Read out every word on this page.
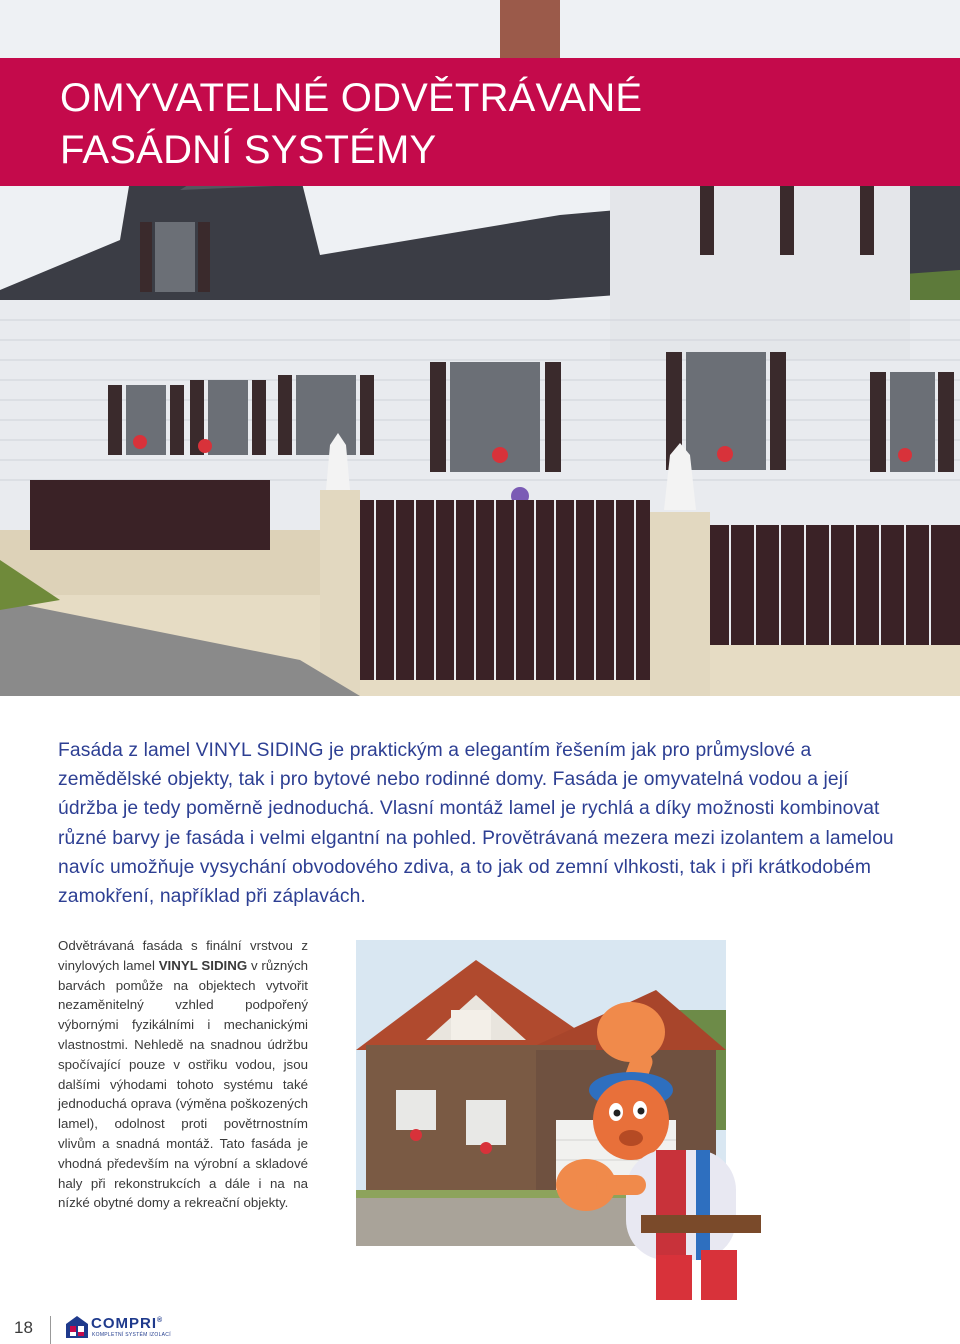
OMYVATELNÉ ODVĚTRÁVANÉ
FASÁDNÍ SYSTÉMY

Fasáda z lamel VINYL SIDING je praktickým a elegantím řešením jak pro průmyslové a zemědělské objekty, tak i pro bytové nebo rodinné domy. Fasáda je omyvatelná vodou a její údržba je tedy poměrně jednoduchá. Vlasní montáž lamel je rychlá a díky možnosti kombinovat různé barvy je fasáda i velmi elgantní na pohled. Provětrávaná mezera mezi izolantem a lamelou navíc umožňuje vysychání obvodového zdiva, a to jak od zemní vlhkosti, tak i při krátkodobém zamokření, například při záplavách.

Odvětrávaná fasáda s finální vrstvou z vinylových lamel VINYL SIDING v různých barvách pomůže na objektech vytvořit nezaměnitelný vzhled podpořený výbornými fyzikálními i mechanickými vlastnostmi. Nehledě na snadnou údržbu spočívající pouze v ostřiku vodou, jsou dalšími výhodami tohoto systému také jednoduchá oprava (výměna poškozených lamel), odolnost proti povětrnostním vlivům a snadná montáž. Tato fasáda je vhodná především na výrobní a skladové haly při rekonstrukcích a dále i na na nízké obytné domy a rekreační objekty.

18	COMPRI®
KOMPLETNÍ SYSTÉM IZOLACÍ
